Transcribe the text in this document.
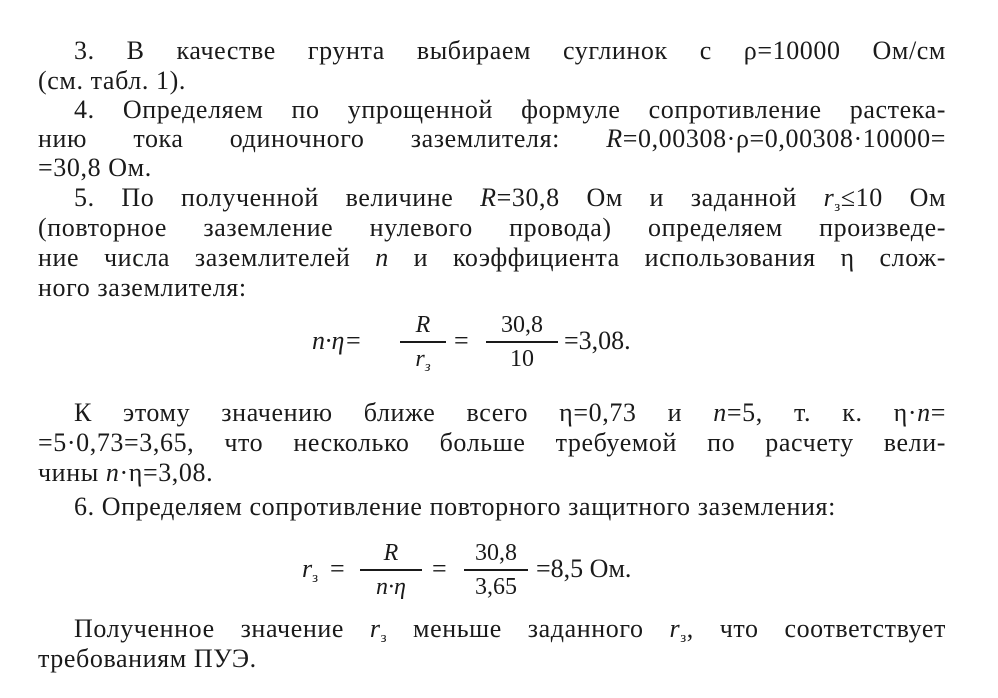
3. В качестве грунта выбираем суглинок с ρ=10000 Ом/см
(см. табл. 1).
4. Определяем по упрощенной формуле сопротивление растека-
нию тока одиночного заземлителя: R=0,00308·ρ=0,00308·10000=
=30,8 Ом.
5. По полученной величине R=30,8 Ом и заданной $r_з\le 10$ Ом
(повторное заземление нулевого провода) определяем произведе-
ние числа заземлителей n и коэффициента использования η слож-
ного заземлителя:
n·η=
R
$r_з$
=
30,8
10
=3,08.
К этому значению ближе всего η=0,73 и n=5, т. к. η·n=
=5·0,73=3,65, что несколько больше требуемой по расчету вели-
чины n·η=3,08.
6. Определяем сопротивление повторного защитного заземления:
$r_з$ =
R
n·η
=
30,8
3,65
=8,5 Ом.
Полученное значение $r_з$ меньше заданного $r_з$, что соответствует
требованиям ПУЭ.
